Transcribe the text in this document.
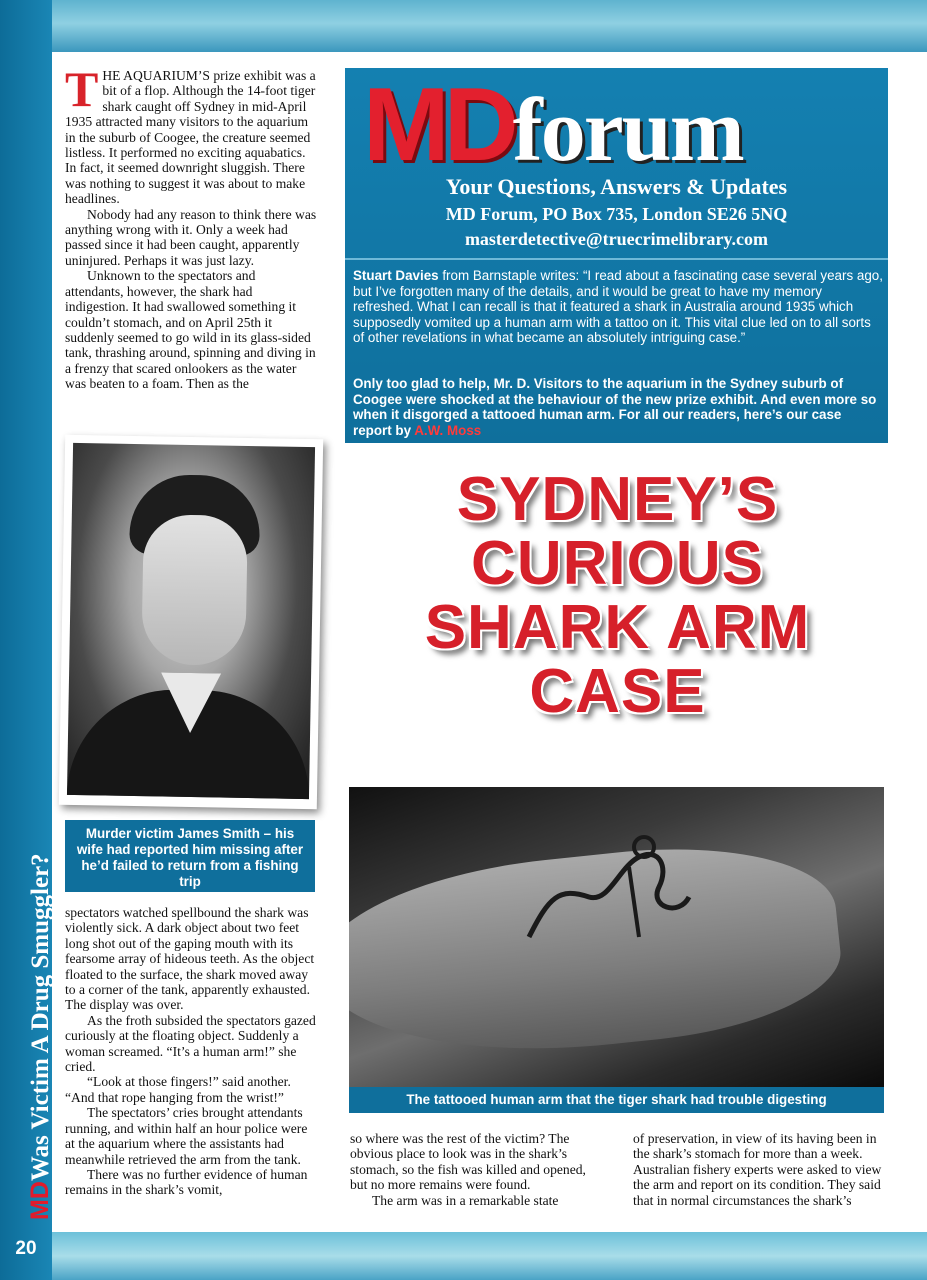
MDWas Victim A Drug Smuggler?
20

THE AQUARIUM’S prize exhibit was a bit of a flop. Although the 14-foot tiger shark caught off Sydney in mid-April 1935 attracted many visitors to the aquarium in the suburb of Coogee, the creature seemed listless. It performed no exciting aquabatics. In fact, it seemed downright sluggish. There was nothing to suggest it was about to make headlines.

Nobody had any reason to think there was anything wrong with it. Only a week had passed since it had been caught, apparently uninjured. Perhaps it was just lazy.

Unknown to the spectators and attendants, however, the shark had indigestion. It had swallowed something it couldn’t stomach, and on April 25th it suddenly seemed to go wild in its glass-sided tank, thrashing around, spinning and diving in a frenzy that scared onlookers as the water was beaten to a foam. Then as the

MDforum
Your Questions, Answers & Updates
MD Forum, PO Box 735, London SE26 5NQ
masterdetective@truecrimelibrary.com
Stuart Davies from Barnstaple writes: “I read about a fascinating case several years ago, but I’ve forgotten many of the details, and it would be great to have my memory refreshed. What I can recall is that it featured a shark in Australia around 1935 which supposedly vomited up a human arm with a tattoo on it. This vital clue led on to all sorts of other revelations in what became an absolutely intriguing case.”
Only too glad to help, Mr. D. Visitors to the aquarium in the Sydney suburb of Coogee were shocked at the behaviour of the new prize exhibit. And even more so when it disgorged a tattooed human arm. For all our readers, here’s our case report by A.W. Moss
SYDNEY’S
CURIOUS
SHARK ARM
CASE
Murder victim James Smith – his wife had reported him missing after he’d failed to return from a fishing trip

spectators watched spellbound the shark was violently sick. A dark object about two feet long shot out of the gaping mouth with its fearsome array of hideous teeth. As the object floated to the surface, the shark moved away to a corner of the tank, apparently exhausted. The display was over.

As the froth subsided the spectators gazed curiously at the floating object. Suddenly a woman screamed. “It’s a human arm!” she cried.

“Look at those fingers!” said another. “And that rope hanging from the wrist!”

The spectators’ cries brought attendants running, and within half an hour police were at the aquarium where the assistants had meanwhile retrieved the arm from the tank.

There was no further evidence of human remains in the shark’s vomit,

The tattooed human arm that the tiger shark had trouble digesting

so where was the rest of the victim? The obvious place to look was in the shark’s stomach, so the fish was killed and opened, but no more remains were found.

The arm was in a remarkable state

of preservation, in view of its having been in the shark’s stomach for more than a week. Australian fishery experts were asked to view the arm and report on its condition. They said that in normal circumstances the shark’s
